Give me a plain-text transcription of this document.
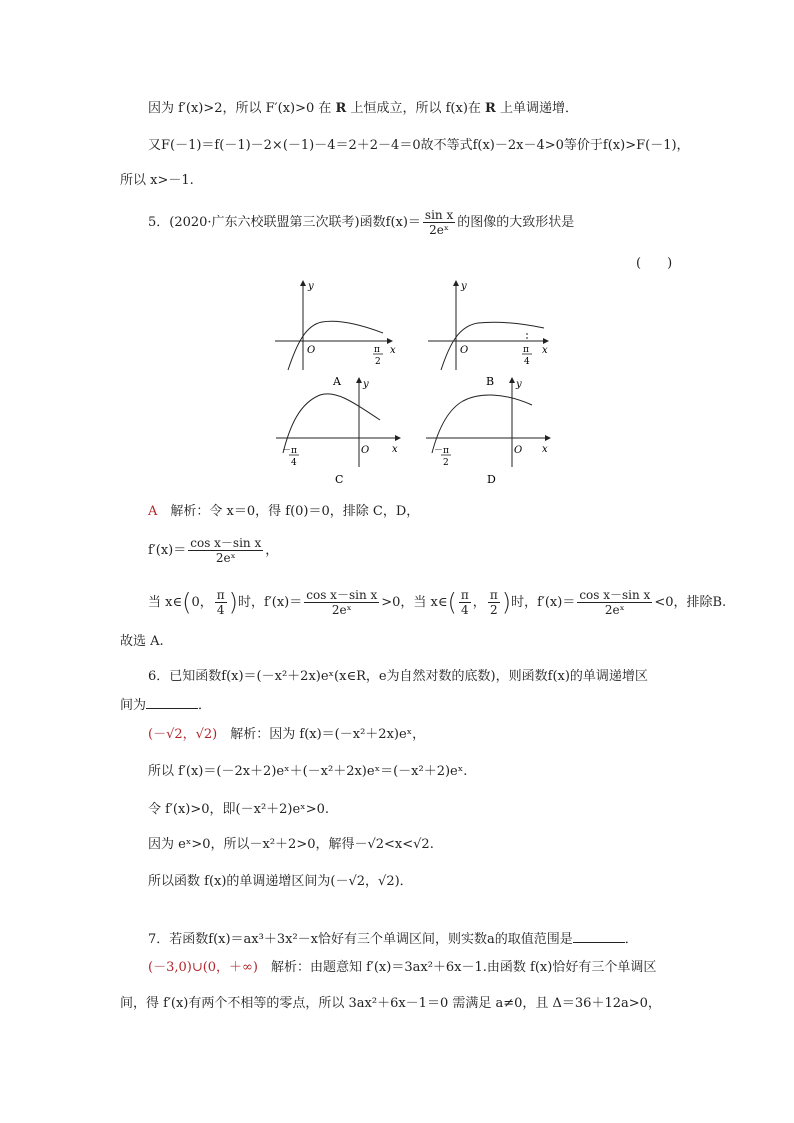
因为 f′(x)>2，所以 F′(x)>0 在 R 上恒成立，所以 f(x)在 R 上单调递增．
又F(－1)＝f(－1)－2×(－1)－4＝2＋2－4＝0故不等式f(x)－2x－4>0等价于f(x)>F(－1)，
所以 x>－1.
5．(2020·广东六校联盟第三次联考)函数$f(x)= \frac{\text{sin x}}{\text{2eˣ}}$ 的图像的大致形状是
(　　)
y
O	x
π
2
A
y
O	x
π
4
B
y
O x
－π
4
C
y
O x
－π
2
D
A　解析：令 x＝0，得 f(0)＝0，排除 C，D，
$f'(x)= \frac{\text{cos x－sin x}}{\text{2eˣ}}$ ，
当 x∈(0， $\frac{\pi}{4}$ )时，$f'(x)= \frac{\text{cos x－sin x}}{\text{2eˣ}} >0$，当 x∈( $\frac{\pi}{4}$ ， $\frac{\pi}{2}$ )时，$f'(x)= \frac{\text{cos x－sin x}}{\text{2eˣ}} <0$，排除B.
故选 A.
6．已知函数f(x)＝(－x²＋2x)eˣ(x∈R，e为自然对数的底数)，则函数f(x)的单调递增区
间为	．
(－√2，√2)　解析：因为 f(x)＝(－x²＋2x)eˣ，
所以 f′(x)＝(－2x＋2)eˣ＋(－x²＋2x)eˣ＝(－x²＋2)eˣ.
令 f′(x)>0，即(－x²＋2)eˣ>0.
因为 eˣ>0，所以－x²＋2>0，解得－√2<x<√2.
所以函数 f(x)的单调递增区间为(－√2，√2)．
7．若函数f(x)＝ax³＋3x²－x恰好有三个单调区间，则实数a的取值范围是	．
(－3,0)∪(0，＋∞)　解析：由题意知 f′(x)＝3ax²＋6x－1.由函数 f(x)恰好有三个单调区
间，得 f′(x)有两个不相等的零点，所以 3ax²＋6x－1＝0 需满足 a≠0，且 Δ＝36＋12a>0，
